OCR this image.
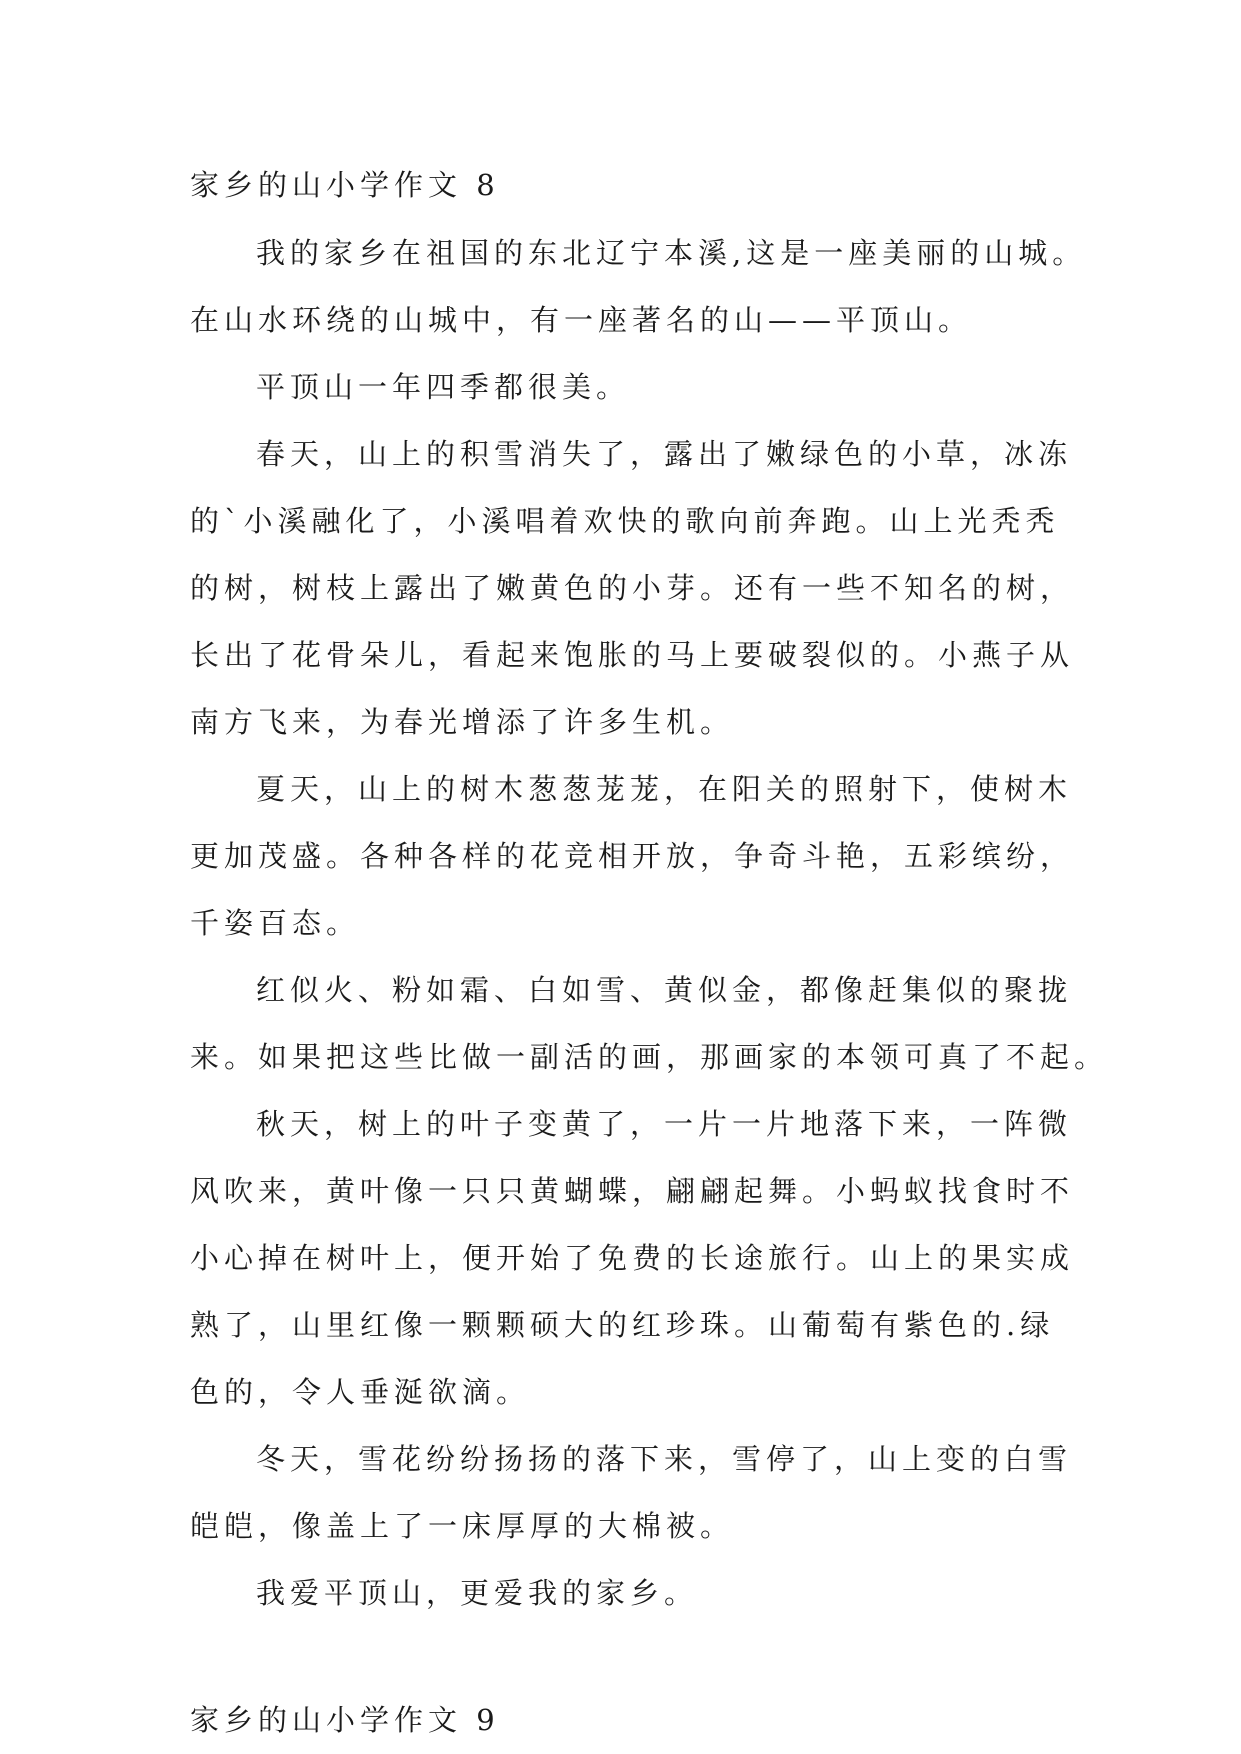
家乡的山小学作文 8
我的家乡在祖国的东北辽宁本溪,这是一座美丽的山城。
在山水环绕的山城中，有一座著名的山——平顶山。
平顶山一年四季都很美。
春天，山上的积雪消失了，露出了嫩绿色的小草，冰冻
的`小溪融化了，小溪唱着欢快的歌向前奔跑。山上光秃秃
的树，树枝上露出了嫩黄色的小芽。还有一些不知名的树，
长出了花骨朵儿，看起来饱胀的马上要破裂似的。小燕子从
南方飞来，为春光增添了许多生机。
夏天，山上的树木葱葱茏茏，在阳关的照射下，使树木
更加茂盛。各种各样的花竞相开放，争奇斗艳，五彩缤纷，
千姿百态。
红似火、粉如霜、白如雪、黄似金，都像赶集似的聚拢
来。如果把这些比做一副活的画，那画家的本领可真了不起。
秋天，树上的叶子变黄了，一片一片地落下来，一阵微
风吹来，黄叶像一只只黄蝴蝶，翩翩起舞。小蚂蚁找食时不
小心掉在树叶上，便开始了免费的长途旅行。山上的果实成
熟了，山里红像一颗颗硕大的红珍珠。山葡萄有紫色的.绿
色的，令人垂涎欲滴。
冬天，雪花纷纷扬扬的落下来，雪停了，山上变的白雪
皑皑，像盖上了一床厚厚的大棉被。
我爱平顶山，更爱我的家乡。
家乡的山小学作文 9
